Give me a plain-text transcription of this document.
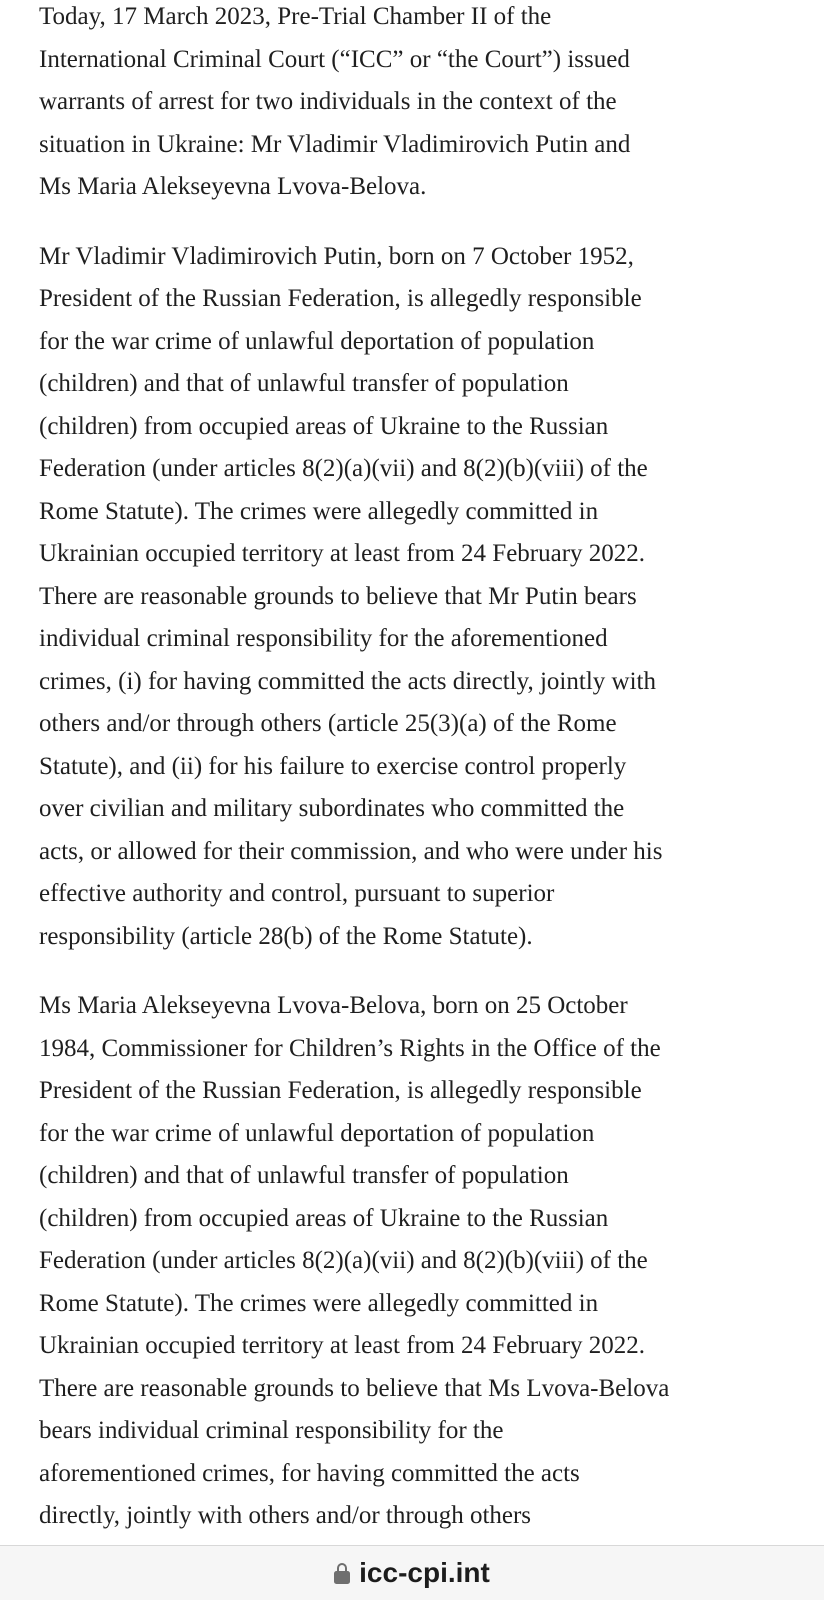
Today, 17 March 2023, Pre-Trial Chamber II of the
International Criminal Court (“ICC” or “the Court”) issued
warrants of arrest for two individuals in the context of the
situation in Ukraine: Mr Vladimir Vladimirovich Putin and
Ms Maria Alekseyevna Lvova-Belova.

Mr Vladimir Vladimirovich Putin, born on 7 October 1952,
President of the Russian Federation, is allegedly responsible
for the war crime of unlawful deportation of population
(children) and that of unlawful transfer of population
(children) from occupied areas of Ukraine to the Russian
Federation (under articles 8(2)(a)(vii) and 8(2)(b)(viii) of the
Rome Statute). The crimes were allegedly committed in
Ukrainian occupied territory at least from 24 February 2022.
There are reasonable grounds to believe that Mr Putin bears
individual criminal responsibility for the aforementioned
crimes, (i) for having committed the acts directly, jointly with
others and/or through others (article 25(3)(a) of the Rome
Statute), and (ii) for his failure to exercise control properly
over civilian and military subordinates who committed the
acts, or allowed for their commission, and who were under his
effective authority and control, pursuant to superior
responsibility (article 28(b) of the Rome Statute).

Ms Maria Alekseyevna Lvova-Belova, born on 25 October
1984, Commissioner for Children’s Rights in the Office of the
President of the Russian Federation, is allegedly responsible
for the war crime of unlawful deportation of population
(children) and that of unlawful transfer of population
(children) from occupied areas of Ukraine to the Russian
Federation (under articles 8(2)(a)(vii) and 8(2)(b)(viii) of the
Rome Statute). The crimes were allegedly committed in
Ukrainian occupied territory at least from 24 February 2022.
There are reasonable grounds to believe that Ms Lvova-Belova
bears individual criminal responsibility for the
aforementioned crimes, for having committed the acts
directly, jointly with others and/or through others

icc-cpi.int
